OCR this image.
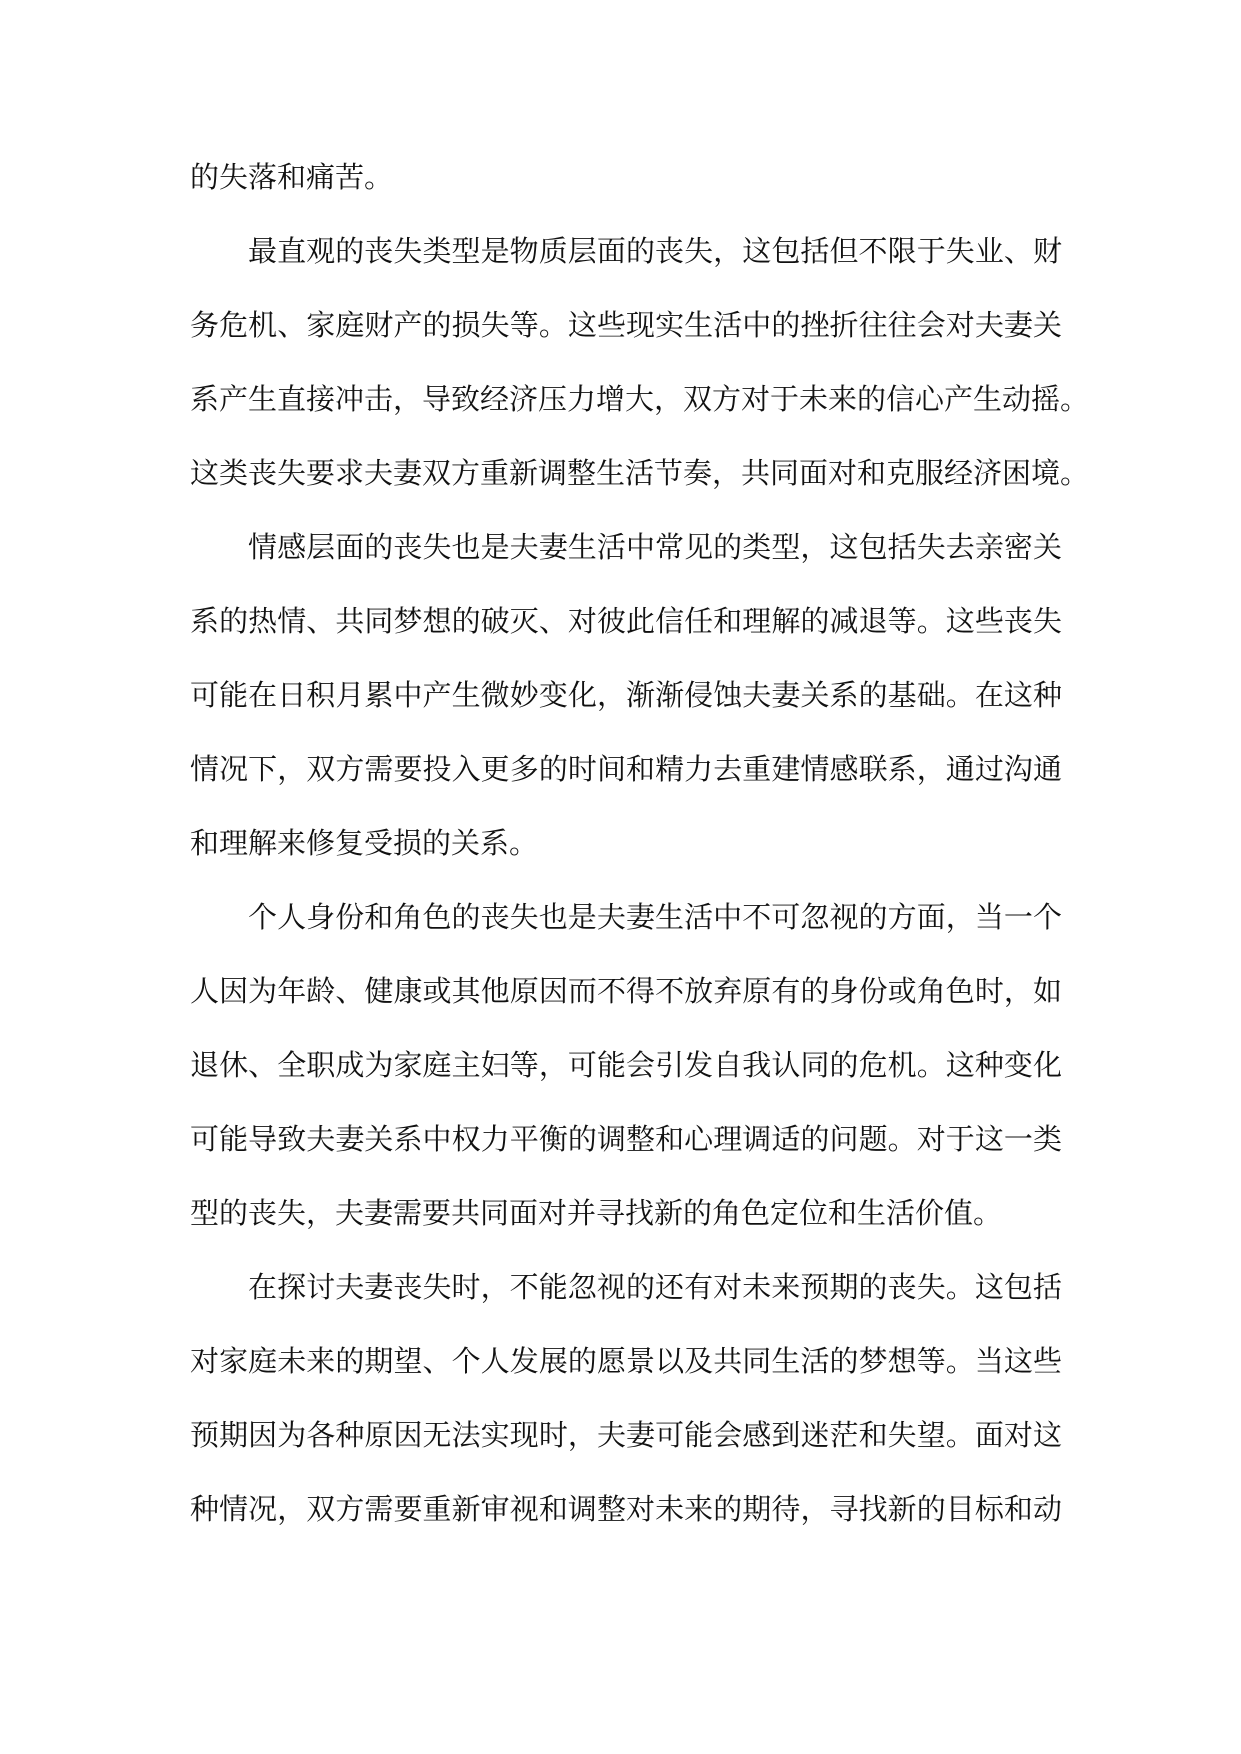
的失落和痛苦。
最直观的丧失类型是物质层面的丧失，这包括但不限于失业、财
务危机、家庭财产的损失等。这些现实生活中的挫折往往会对夫妻关
系产生直接冲击，导致经济压力增大，双方对于未来的信心产生动摇。
这类丧失要求夫妻双方重新调整生活节奏，共同面对和克服经济困境。
情感层面的丧失也是夫妻生活中常见的类型，这包括失去亲密关
系的热情、共同梦想的破灭、对彼此信任和理解的减退等。这些丧失
可能在日积月累中产生微妙变化，渐渐侵蚀夫妻关系的基础。在这种
情况下，双方需要投入更多的时间和精力去重建情感联系，通过沟通
和理解来修复受损的关系。
个人身份和角色的丧失也是夫妻生活中不可忽视的方面，当一个
人因为年龄、健康或其他原因而不得不放弃原有的身份或角色时，如
退休、全职成为家庭主妇等，可能会引发自我认同的危机。这种变化
可能导致夫妻关系中权力平衡的调整和心理调适的问题。对于这一类
型的丧失，夫妻需要共同面对并寻找新的角色定位和生活价值。
在探讨夫妻丧失时，不能忽视的还有对未来预期的丧失。这包括
对家庭未来的期望、个人发展的愿景以及共同生活的梦想等。当这些
预期因为各种原因无法实现时，夫妻可能会感到迷茫和失望。面对这
种情况，双方需要重新审视和调整对未来的期待，寻找新的目标和动
